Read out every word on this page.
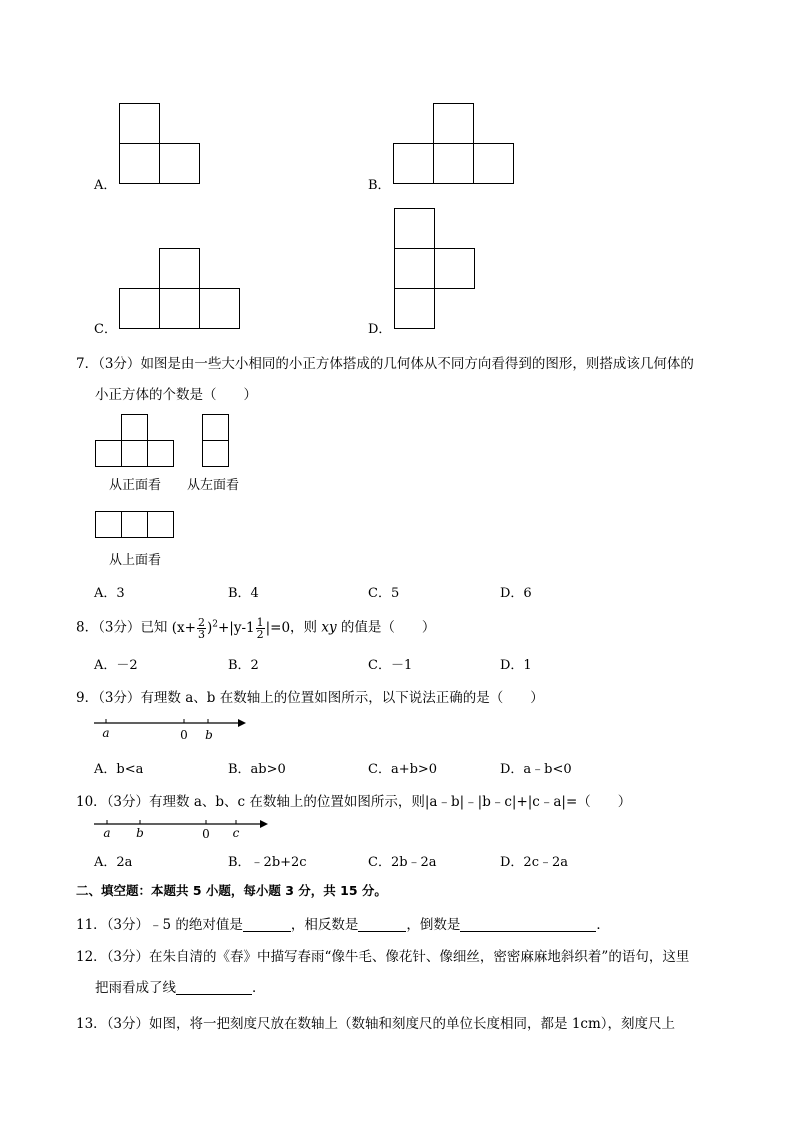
A．	B．
C．	D．
7．（3分）如图是由一些大小相同的小正方体搭成的几何体从不同方向看得到的图形，则搭成该几何体的
小正方体的个数是（　　）
从正面看 从左面看
从上面看
A．3	B．4	C．5	D．6
8．（3分）已知 $(x+ \frac{2}{3} )^2+|y-1 \frac{1}{2} |=0$，则 xy 的值是（　　）
A．－2	B．2	C．－1	D．1
9．（3分）有理数 a、b 在数轴上的位置如图所示，以下说法正确的是（　　）
a	0 b
A．b<a	B．ab>0	C．a+b>0	D．a﹣b<0
10．（3分）有理数 a、b、c 在数轴上的位置如图所示，则|a﹣b|﹣|b﹣c|+|c﹣a|=（　　）
a b	0 c
A．2a	B．﹣2b+2c	C．2b﹣2a	D．2c﹣2a
二、填空题：本题共 5 小题，每小题 3 分，共 15 分。
11．（3分）﹣5 的绝对值是	，相反数是	，倒数是	．
12．（3分）在朱自清的《春》中描写春雨“像牛毛、像花针、像细丝，密密麻麻地斜织着”的语句，这里
把雨看成了线	．
13．（3分）如图，将一把刻度尺放在数轴上（数轴和刻度尺的单位长度相同，都是 1cm），刻度尺上
